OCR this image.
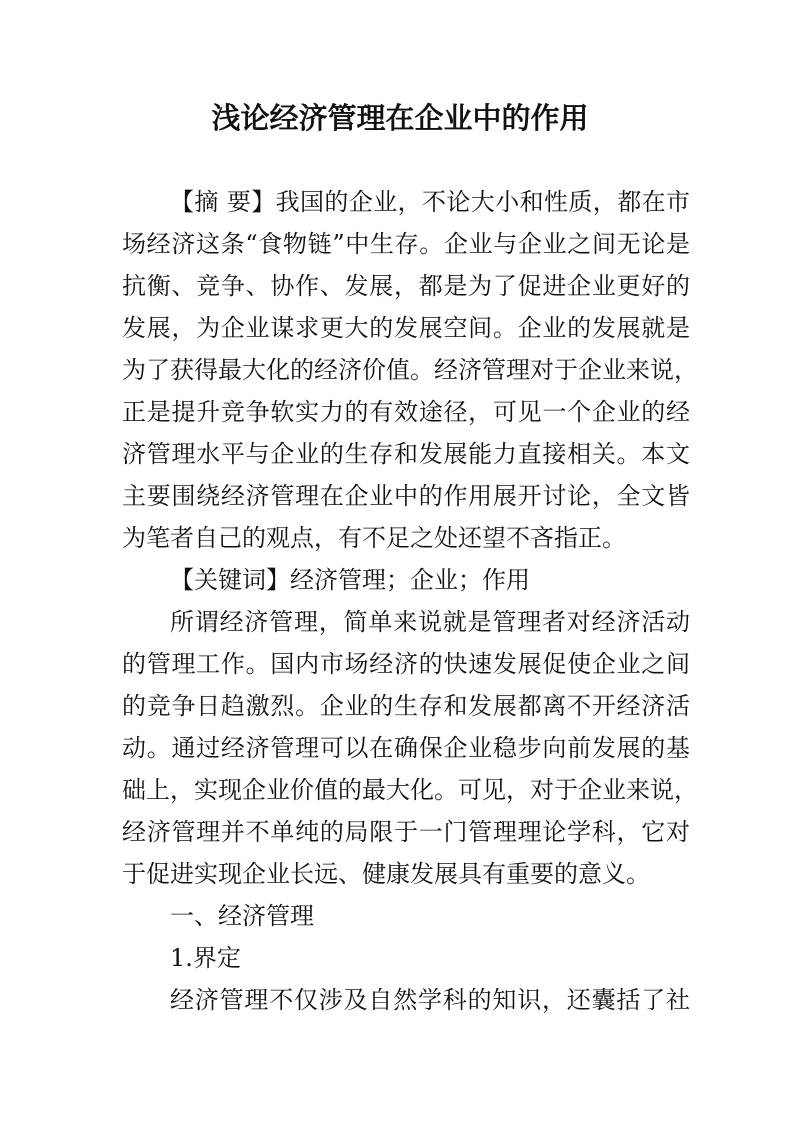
浅论经济管理在企业中的作用
【摘 要】我国的企业，不论大小和性质，都在市
场经济这条“食物链”中生存。企业与企业之间无论是
抗衡、竞争、协作、发展，都是为了促进企业更好的
发展，为企业谋求更大的发展空间。企业的发展就是
为了获得最大化的经济价值。经济管理对于企业来说，
正是提升竞争软实力的有效途径，可见一个企业的经
济管理水平与企业的生存和发展能力直接相关。本文
主要围绕经济管理在企业中的作用展开讨论，全文皆
为笔者自己的观点，有不足之处还望不吝指正。
【关键词】经济管理；企业；作用
所谓经济管理，简单来说就是管理者对经济活动
的管理工作。国内市场经济的快速发展促使企业之间
的竞争日趋激烈。企业的生存和发展都离不开经济活
动。通过经济管理可以在确保企业稳步向前发展的基
础上，实现企业价值的最大化。可见，对于企业来说，
经济管理并不单纯的局限于一门管理理论学科，它对
于促进实现企业长远、健康发展具有重要的意义。
一、经济管理
1.界定
经济管理不仅涉及自然学科的知识，还囊括了社
